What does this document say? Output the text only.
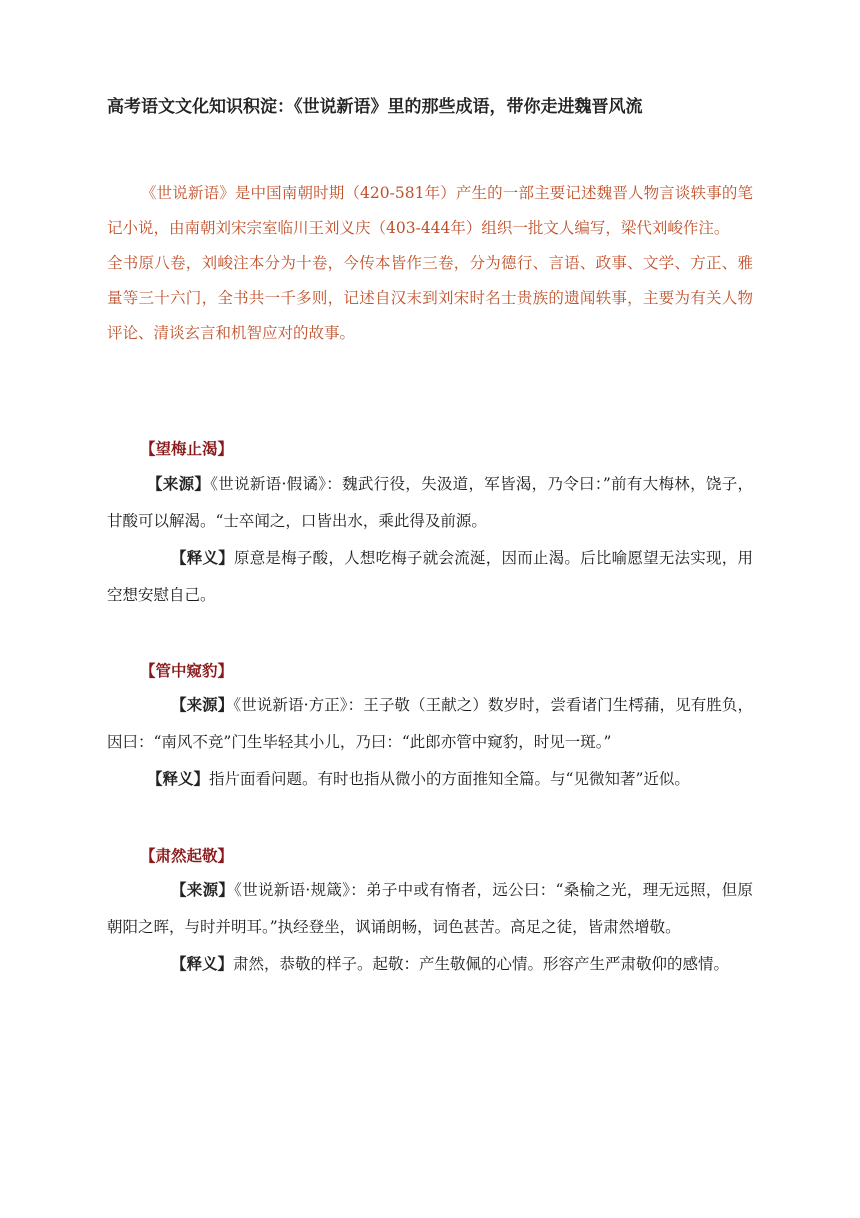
高考语文文化知识积淀：《世说新语》里的那些成语，带你走进魏晋风流

《世说新语》是中国南朝时期（420-581年）产生的一部主要记述魏晋人物言谈轶事的笔记小说，由南朝刘宋宗室临川王刘义庆（403-444年）组织一批文人编写，梁代刘峻作注。

全书原八卷，刘峻注本分为十卷，今传本皆作三卷，分为德行、言语、政事、文学、方正、雅量等三十六门，全书共一千多则，记述自汉末到刘宋时名士贵族的遗闻轶事，主要为有关人物评论、清谈玄言和机智应对的故事。

【望梅止渴】

【来源】《世说新语·假谲》：魏武行役，失汲道，军皆渴，乃令曰：”前有大梅林，饶子，甘酸可以解渴。“士卒闻之，口皆出水，乘此得及前源。

【释义】原意是梅子酸，人想吃梅子就会流涎，因而止渴。后比喻愿望无法实现，用空想安慰自己。

【管中窥豹】

【来源】《世说新语·方正》：王子敬（王献之）数岁时，尝看诸门生樗蒱，见有胜负，因曰：“南风不竞”门生毕轻其小儿，乃曰：“此郎亦管中窥豹，时见一斑。”

【释义】指片面看问题。有时也指从微小的方面推知全篇。与“见微知著”近似。

【肃然起敬】

【来源】《世说新语·规箴》：弟子中或有惰者，远公曰：“桑榆之光，理无远照，但原朝阳之晖，与时并明耳。”执经登坐，讽诵朗畅，词色甚苦。高足之徒，皆肃然增敬。

【释义】肃然，恭敬的样子。起敬：产生敬佩的心情。形容产生严肃敬仰的感情。
